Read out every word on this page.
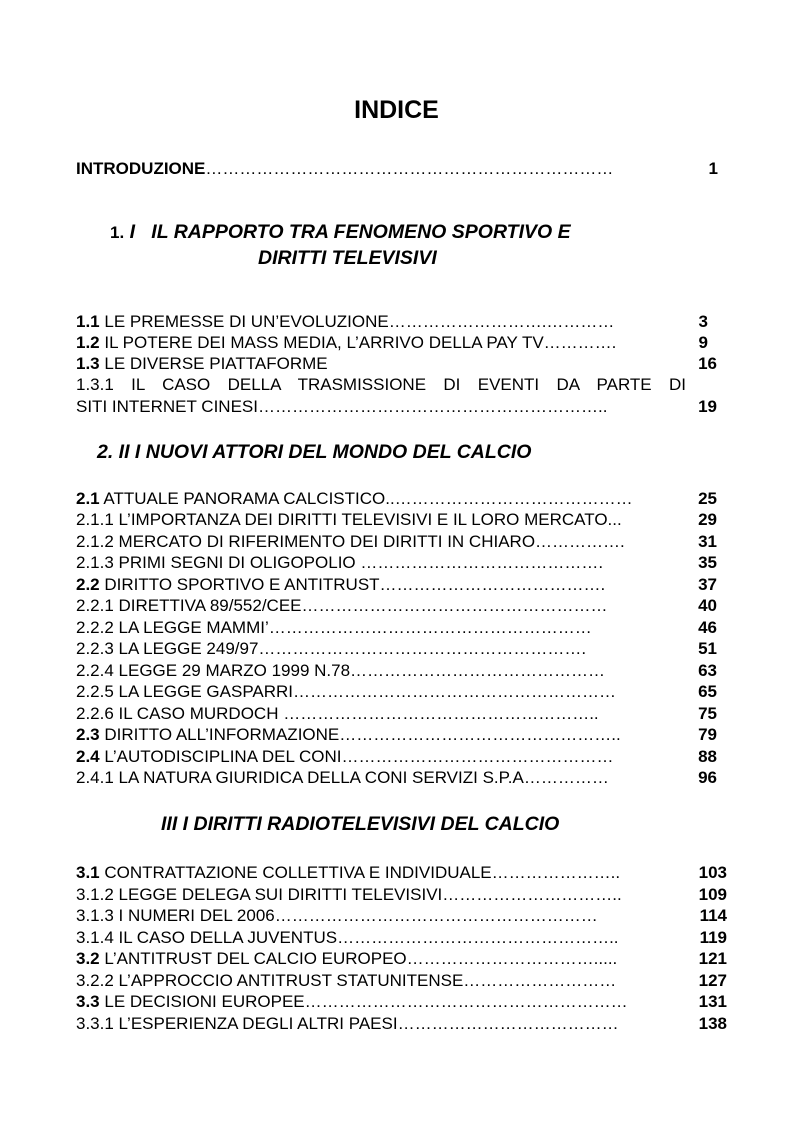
INDICE
INTRODUZIONE………………………………………………………………	1
1. I IL RAPPORTO TRA FENOMENO SPORTIVO E
DIRITTI TELEVISIVI
1.1 LE PREMESSE DI UN’EVOLUZIONE……………………….…………	3
1.2 IL POTERE DEI MASS MEDIA, L’ARRIVO DELLA PAY TV………….	9
1.3 LE DIVERSE PIATTAFORME	16
1.3.1 IL CASO DELLA TRASMISSIONE DI EVENTI DA PARTE DI
SITI INTERNET CINESI……………………………………………………..	19
2. II I NUOVI ATTORI DEL MONDO DEL CALCIO
2.1 ATTUALE PANORAMA CALCISTICO..……………………………………	25
2.1.1 L’IMPORTANZA DEI DIRITTI TELEVISIVI E IL LORO MERCATO...	29
2.1.2 MERCATO DI RIFERIMENTO DEI DIRITTI IN CHIARO…………….	31
2.1.3 PRIMI SEGNI DI OLIGOPOLIO …………………………………….	35
2.2 DIRITTO SPORTIVO E ANTITRUST………………………………….	37
2.2.1 DIRETTIVA 89/552/CEE………………………………………………	40
2.2.2 LA LEGGE MAMMI’…………………………………………………	46
2.2.3 LA LEGGE 249/97………………………………………………….	51
2.2.4 LEGGE 29 MARZO 1999 N.78………………………………………	63
2.2.5 LA LEGGE GASPARRI…………………………………………………	65
2.2.6 IL CASO MURDOCH ………………………………………………..	75
2.3 DIRITTO ALL’INFORMAZIONE…………………………………………..	79
2.4 L’AUTODISCIPLINA DEL CONI…………………………………………	88
2.4.1 LA NATURA GIURIDICA DELLA CONI SERVIZI S.P.A……………	96
III I DIRITTI RADIOTELEVISIVI DEL CALCIO
3.1 CONTRATTAZIONE COLLETTIVA E INDIVIDUALE…………………..	103
3.1.2 LEGGE DELEGA SUI DIRITTI TELEVISIVI…………………………..	109
3.1.3 I NUMERI DEL 2006…………………………………………………	114
3.1.4 IL CASO DELLA JUVENTUS…………………………………………..	119
3.2 L’ANTITRUST DEL CALCIO EUROPEO…………………………….....	121
3.2.2 L’APPROCCIO ANTITRUST STATUNITENSE………………………	127
3.3 LE DECISIONI EUROPEE…………………………………………………	131
3.3.1 L’ESPERIENZA DEGLI ALTRI PAESI…………………………………	138
